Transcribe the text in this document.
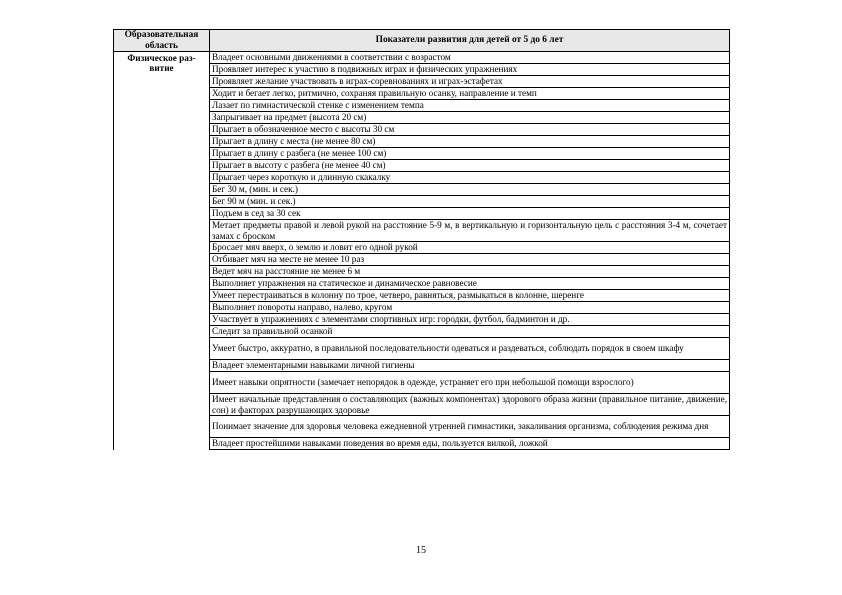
Образовательная область	Показатели развития для детей от 5 до 6 лет
Физическое раз-витие	Владеет основными движениями в соответствии с возрастом
	Проявляет интерес к участию в подвижных играх и физических упражнениях
	Проявляет желание участвовать в играх-соревнованиях и играх-эстафетах
	Ходит и бегает легко, ритмично, сохраняя правильную осанку, направление и темп
	Лазает по гимнастической стенке с изменением темпа
	Запрыгивает на предмет (высота 20 см)
	Прыгает в обозначенное место с высоты 30 см
	Прыгает в длину с места (не менее 80 см)
	Прыгает в длину с разбега (не менее 100 см)
	Прыгает в высоту с разбега (не менее 40 см)
	Прыгает через короткую и длинную скакалку
	Бег 30 м, (мин. и сек.)
	Бег 90 м (мин. и сек.)
	Подъем в сед за 30 сек
	Метает предметы правой и левой рукой на расстояние 5-9 м, в вертикальную и горизонтальную цель с расстояния 3-4 м, сочетает замах с броском
	Бросает мяч вверх, о землю и ловит его одной рукой
	Отбивает мяч на месте не менее 10 раз
	Ведет мяч на расстояние не менее 6 м
	Выполняет упражнения на статическое и динамическое равновесие
	Умеет перестраиваться в колонну по трое, четверо, равняться, размыкаться в колонне, шеренге
	Выполняет повороты направо, налево, кругом
	Участвует в упражнениях с элементами спортивных игр: городки, футбол, бадминтон и др.
	Следит за правильной осанкой
	Умеет быстро, аккуратно, в правильной последовательности одеваться и раздеваться, соблюдать порядок в своем шкафу
	Владеет элементарными навыками личной гигиены
	Имеет навыки опрятности (замечает непорядок в одежде, устраняет его при небольшой помощи взрослого)
	Имеет начальные представления о составляющих (важных компонентах) здорового образа жизни (правильное питание, движение, сон) и факторах разрушающих здоровье
	Понимает значение для здоровья человека ежедневной утренней гимнастики, закаливания организма, соблюдения режима дня
	Владеет простейшими навыками поведения во время еды, пользуется вилкой, ложкой
15
